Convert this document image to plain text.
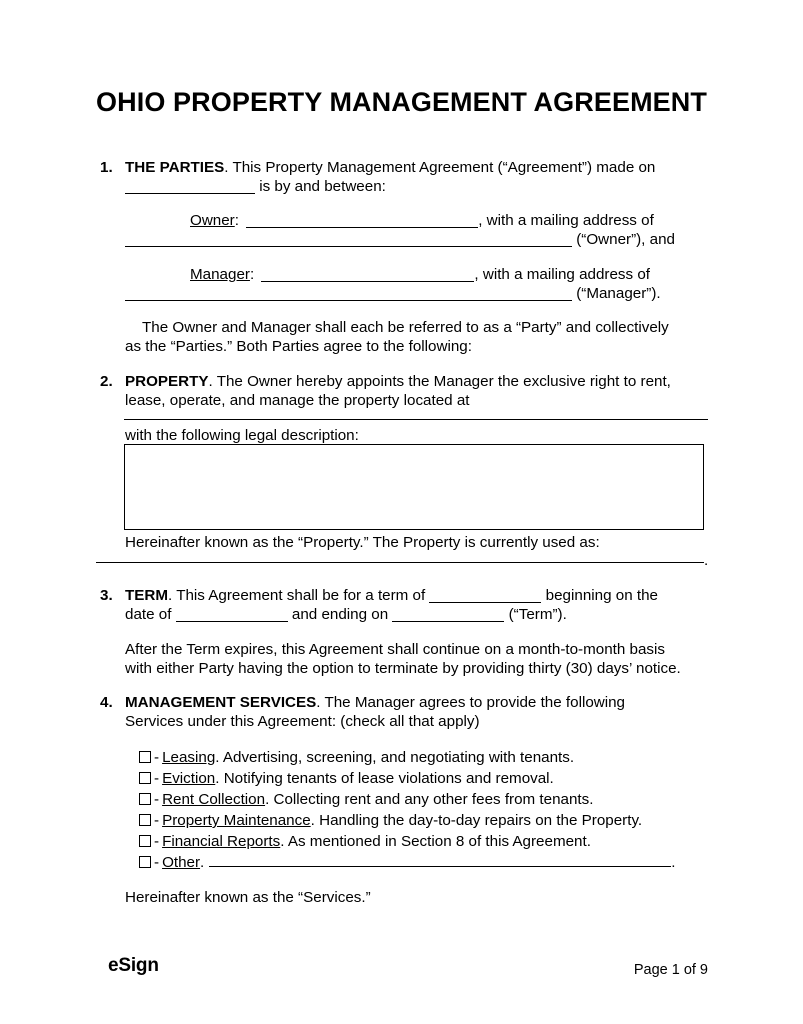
OHIO PROPERTY MANAGEMENT AGREEMENT
1. THE PARTIES. This Property Management Agreement (“Agreement”) made on
is by and between:
Owner:	, with a mailing address of
(“Owner”), and
Manager:	, with a mailing address of
(“Manager”).
The Owner and Manager shall each be referred to as a “Party” and collectively
as the “Parties.” Both Parties agree to the following:
2. PROPERTY. The Owner hereby appoints the Manager the exclusive right to rent,
lease, operate, and manage the property located at
with the following legal description:
Hereinafter known as the “Property.” The Property is currently used as:
.
3. TERM. This Agreement shall be for a term of	beginning on the
date of	and ending on	(“Term”).
After the Term expires, this Agreement shall continue on a month-to-month basis
with either Party having the option to terminate by providing thirty (30) days’ notice.
4. MANAGEMENT SERVICES. The Manager agrees to provide the following
Services under this Agreement: (check all that apply)
- Leasing . Advertising, screening, and negotiating with tenants.
- Eviction . Notifying tenants of lease violations and removal.
- Rent Collection . Collecting rent and any other fees from tenants.
- Property Maintenance . Handling the day-to-day repairs on the Property.
- Financial Reports . As mentioned in Section 8 of this Agreement.
- Other .	.
Hereinafter known as the “Services.”
eSign	Page 1 of 9
